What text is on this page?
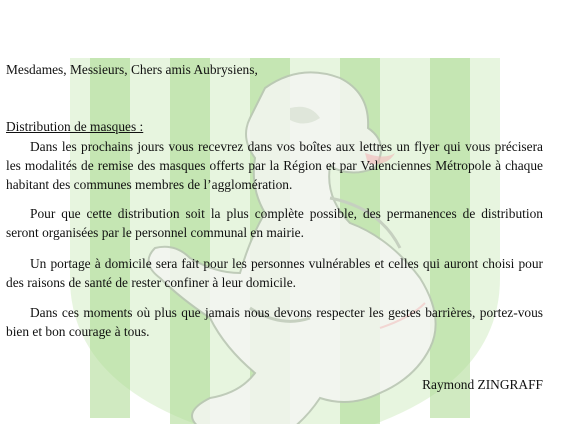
Mesdames, Messieurs, Chers amis Aubrysiens,

Distribution de masques :

Dans les prochains jours vous recevrez dans vos boîtes aux lettres un flyer qui vous précisera les modalités de remise des masques offerts par la Région et par Valenciennes Métropole à chaque habitant des communes membres de l’agglomération.

Pour que cette distribution soit la plus complète possible, des permanences de distribution seront organisées par le personnel communal en mairie.

Un portage à domicile sera fait pour les personnes vulnérables et celles qui auront choisi pour des raisons de santé de rester confiner à leur domicile.

Dans ces moments où plus que jamais nous devons respecter les gestes barrières, portez-vous bien et bon courage à tous.

Raymond ZINGRAFF
